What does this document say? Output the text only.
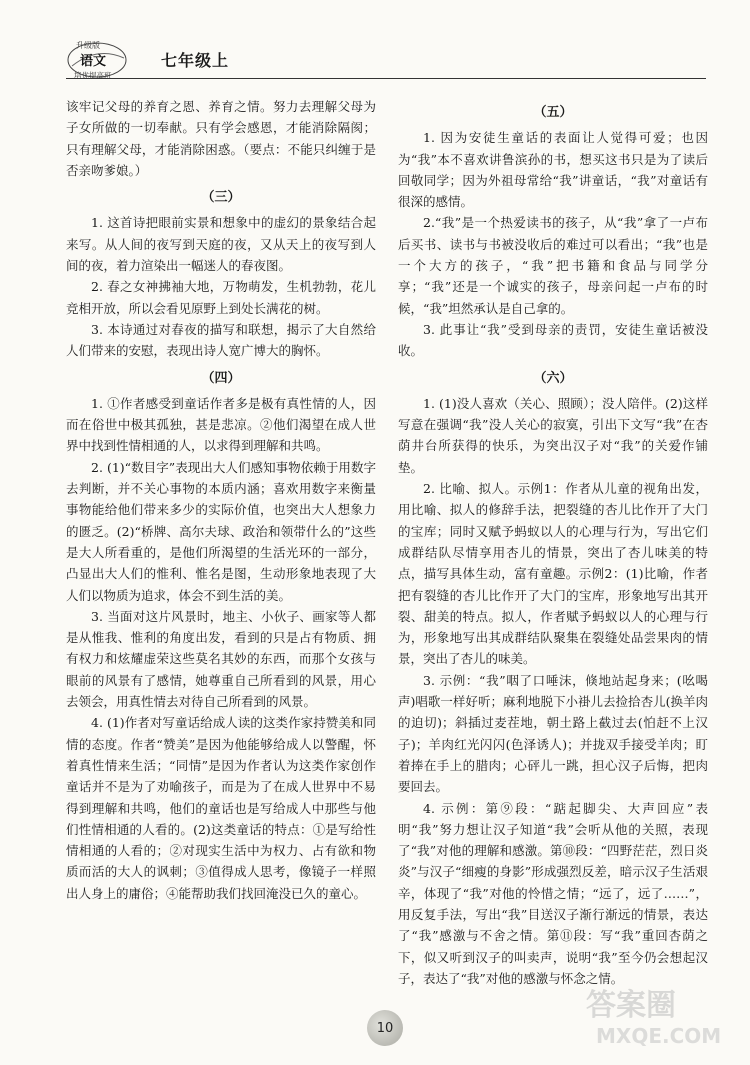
升级版
语文
培优提高班
七年级上

该牢记父母的养育之恩、养育之情。努力去理解父母为子女所做的一切奉献。只有学会感恩，才能消除隔阂；只有理解父母，才能消除困惑。（要点：不能只纠缠于是否亲吻爹娘。）

（三）

1. 这首诗把眼前实景和想象中的虚幻的景象结合起来写。从人间的夜写到天庭的夜，又从天上的夜写到人间的夜，着力渲染出一幅迷人的春夜图。

2. 春之女神拂袖大地，万物萌发，生机勃勃，花儿竞相开放，所以会看见原野上到处长满花的树。

3. 本诗通过对春夜的描写和联想，揭示了大自然给人们带来的安慰，表现出诗人宽广博大的胸怀。

（四）

1. ①作者感受到童话作者多是极有真性情的人，因而在俗世中极其孤独，甚是悲凉。②他们渴望在成人世界中找到性情相通的人，以求得到理解和共鸣。

2. (1)“数目字”表现出大人们感知事物依赖于用数字去判断，并不关心事物的本质内涵；喜欢用数字来衡量事物能给他们带来多少的实际价值，也突出大人想象力的匮乏。(2)“桥牌、高尔夫球、政治和领带什么的”这些是大人所看重的，是他们所渴望的生活光环的一部分，凸显出大人们的惟利、惟名是图，生动形象地表现了大人们以物质为追求，体会不到生活的美。

3. 当面对这片风景时，地主、小伙子、画家等人都是从惟我、惟利的角度出发，看到的只是占有物质、拥有权力和炫耀虚荣这些莫名其妙的东西，而那个女孩与眼前的风景有了感情，她尊重自己所看到的风景，用心去领会，用真性情去对待自己所看到的风景。

4. (1)作者对写童话给成人读的这类作家持赞美和同情的态度。作者“赞美”是因为他能够给成人以警醒，怀着真性情来生活；“同情”是因为作者认为这类作家创作童话并不是为了劝喻孩子，而是为了在成人世界中不易得到理解和共鸣，他们的童话也是写给成人中那些与他们性情相通的人看的。(2)这类童话的特点：①是写给性情相通的人看的；②对现实生活中为权力、占有欲和物质而活的大人的讽刺；③值得成人思考，像镜子一样照出人身上的庸俗；④能帮助我们找回淹没已久的童心。

（五）

1. 因为安徒生童话的表面让人觉得可爱；也因为“我”本不喜欢讲鲁滨孙的书，想买这书只是为了读后回敬同学；因为外祖母常给“我”讲童话，“我”对童话有很深的感情。

2.“我”是一个热爱读书的孩子，从“我”拿了一卢布后买书、读书与书被没收后的难过可以看出；“我”也是一个大方的孩子，“我”把书籍和食品与同学分享；“我”还是一个诚实的孩子，母亲问起一卢布的时候，“我”坦然承认是自己拿的。

3. 此事让“我”受到母亲的责罚，安徒生童话被没收。

（六）

1. (1)没人喜欢（关心、照顾）；没人陪伴。(2)这样写意在强调“我”没人关心的寂寞，引出下文写“我”在杏荫井台所获得的快乐，为突出汉子对“我”的关爱作铺垫。

2. 比喻、拟人。示例1：作者从儿童的视角出发，用比喻、拟人的修辞手法，把裂缝的杏儿比作开了大门的宝库；同时又赋予蚂蚁以人的心理与行为，写出它们成群结队尽情享用杏儿的情景，突出了杏儿味美的特点，描写具体生动，富有童趣。示例2：(1)比喻，作者把有裂缝的杏儿比作开了大门的宝库，形象地写出其开裂、甜美的特点。拟人，作者赋予蚂蚁以人的心理与行为，形象地写出其成群结队聚集在裂缝处品尝果肉的情景，突出了杏儿的味美。

3. 示例：“我”咽了口唾沫，倏地站起身来；(吆喝声)唱歌一样好听；麻利地脱下小褂儿去捡拾杏儿(换羊肉的迫切)；斜插过麦茬地，朝土路上截过去(怕赶不上汉子)；羊肉红光闪闪(色泽诱人)；并拢双手接受羊肉；盯着捧在手上的腊肉；心砰儿一跳，担心汉子后悔，把肉要回去。

4. 示例：第⑨段：“踮起脚尖、大声回应”表明“我”努力想让汉子知道“我”会听从他的关照，表现了“我”对他的理解和感激。第⑩段：“四野茫茫，烈日炎炎”与汉子“细瘦的身影”形成强烈反差，暗示汉子生活艰辛，体现了“我”对他的怜惜之情；“远了，远了……”，用反复手法，写出“我”目送汉子渐行渐远的情景，表达了“我”感激与不舍之情。第⑪段：写“我”重回杏荫之下，似又听到汉子的叫卖声，说明“我”至今仍会想起汉子，表达了“我”对他的感激与怀念之情。

10
答案圈
MXQE.COM
